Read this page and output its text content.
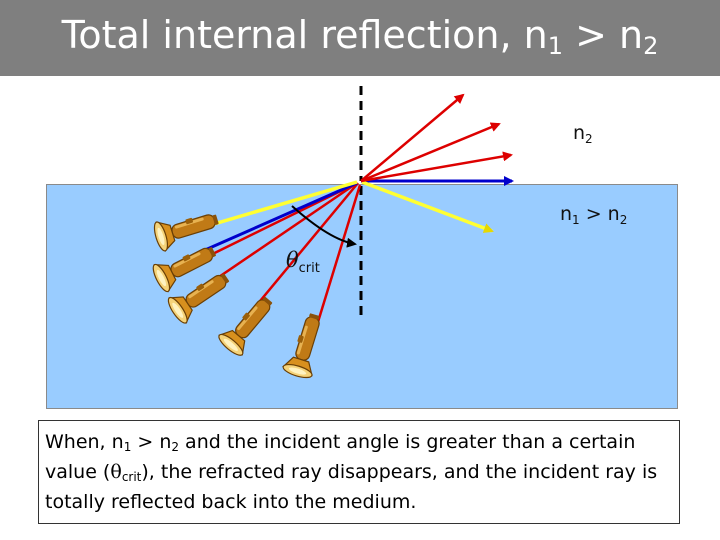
Total internal reflection, $n_1 > n_2$
$n_2$
$n_1 > n_2$
$\theta_{crit}$
When, $n_1 > n_2$ and the incident angle is greater than a certain value $(\theta_{crit})$, the refracted ray disappears, and the incident ray is totally reflected back into the medium.
